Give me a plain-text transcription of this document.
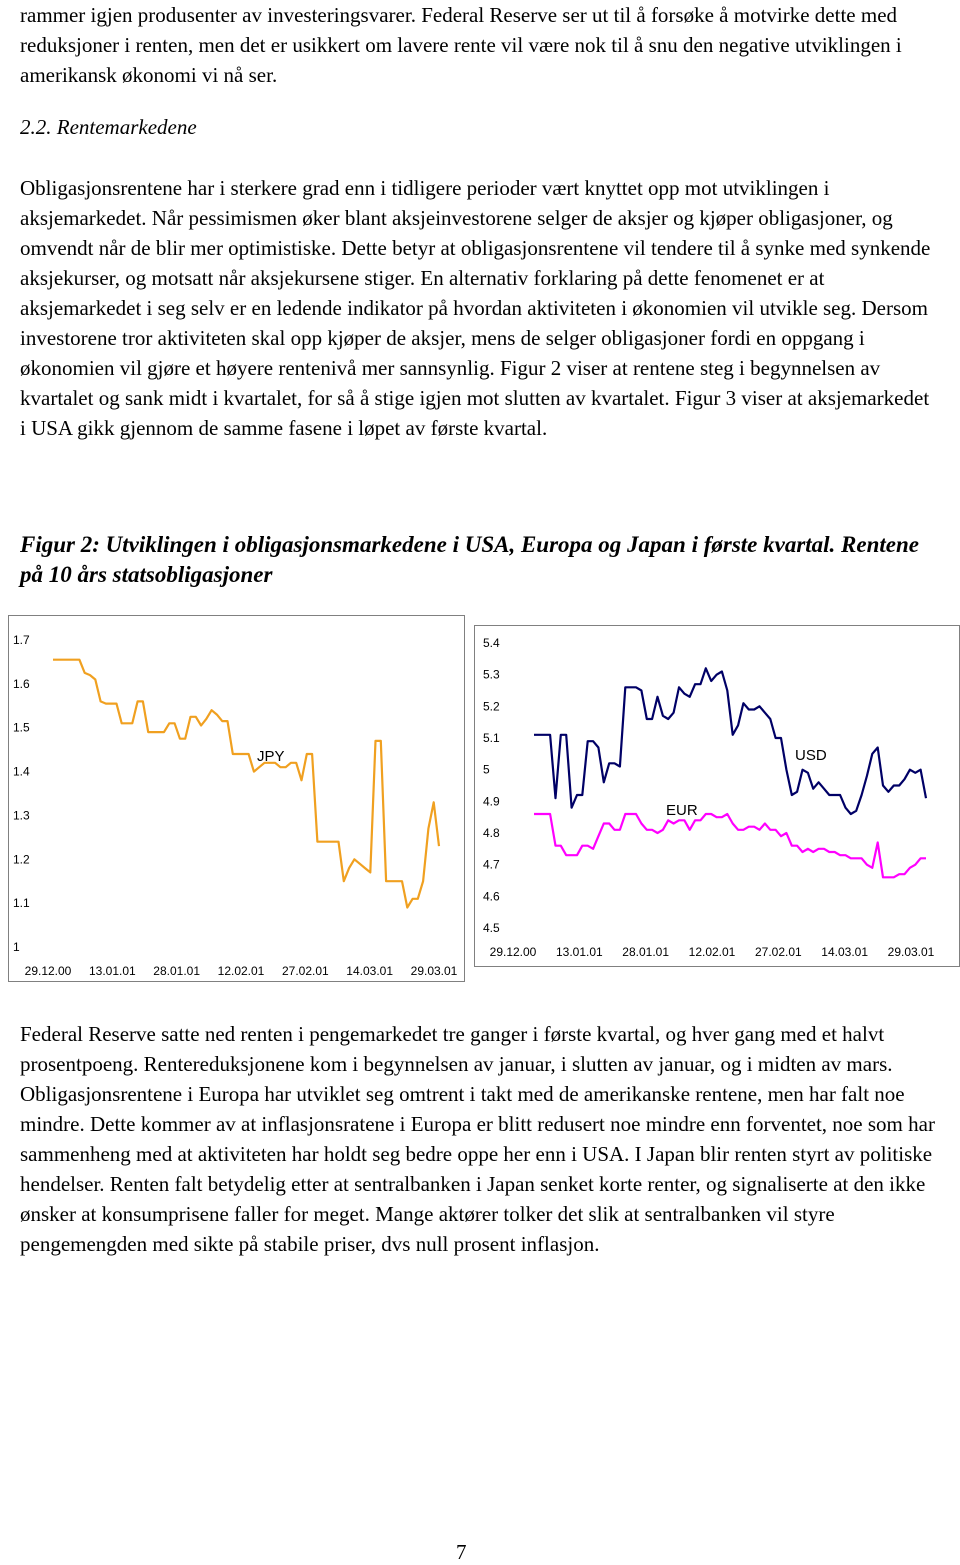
rammer igjen produsenter av investeringsvarer. Federal Reserve ser ut til å forsøke å motvirke dette med reduksjoner i renten, men det er usikkert om lavere rente vil være nok til å snu den negative utviklingen i amerikansk økonomi vi nå ser.

2.2. Rentemarkedene

Obligasjonsrentene har i sterkere grad enn i tidligere perioder vært knyttet opp mot utviklingen i aksjemarkedet. Når pessimismen øker blant aksjeinvestorene selger de aksjer og kjøper obligasjoner, og omvendt når de blir mer optimistiske. Dette betyr at obligasjonsrentene vil tendere til å synke med synkende aksjekurser, og motsatt når aksjekursene stiger. En alternativ forklaring på dette fenomenet er at aksjemarkedet i seg selv er en ledende indikator på hvordan aktiviteten i økonomien vil utvikle seg. Dersom investorene tror aktiviteten skal opp kjøper de aksjer, mens de selger obligasjoner fordi en oppgang i økonomien vil gjøre et høyere rentenivå mer sannsynlig. Figur 2 viser at rentene steg i begynnelsen av kvartalet og sank midt i kvartalet, for så å stige igjen mot slutten av kvartalet. Figur 3 viser at aksjemarkedet i USA gikk gjennom de samme fasene i løpet av første kvartal.

Figur 2: Utviklingen i obligasjonsmarkedene i USA, Europa og Japan i første kvartal. Rentene på 10 års statsobligasjoner

1
1.1
1.2
1.3
1.4
1.5
1.6
1.7
29.12.00 13.01.01 28.01.01 12.02.01 27.02.01 14.03.01 29.03.01
JPY
4.5
4.6
4.7
4.8
4.9
5
5.1
5.2
5.3
5.4
29.12.00 13.01.01 28.01.01 12.02.01 27.02.01 14.03.01 29.03.01
USD
EUR

Federal Reserve satte ned renten i pengemarkedet tre ganger i første kvartal, og hver gang med et halvt prosentpoeng. Rentereduksjonene kom i begynnelsen av januar, i slutten av januar, og i midten av mars. Obligasjonsrentene i Europa har utviklet seg omtrent i takt med de amerikanske rentene, men har falt noe mindre. Dette kommer av at inflasjonsratene i Europa er blitt redusert noe mindre enn forventet, noe som har sammenheng med at aktiviteten har holdt seg bedre oppe her enn i USA. I Japan blir renten styrt av politiske hendelser. Renten falt betydelig etter at sentralbanken i Japan senket korte renter, og signaliserte at den ikke ønsker at konsumprisene faller for meget. Mange aktører tolker det slik at sentralbanken vil styre pengemengden med sikte på stabile priser, dvs null prosent inflasjon.

7
